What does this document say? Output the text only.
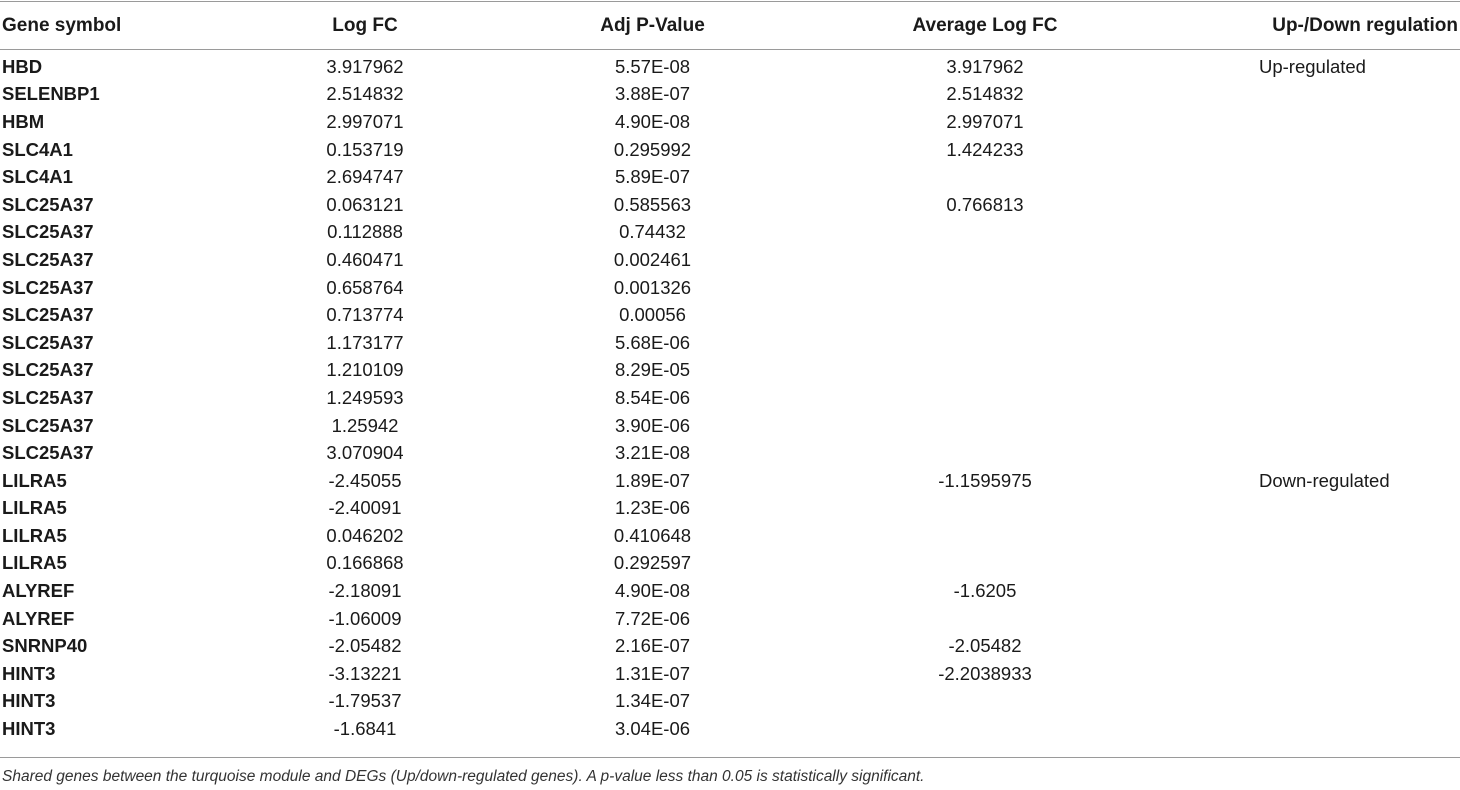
Gene symbol	Log FC	Adj P-Value	Average Log FC	Up-/Down regulation
HBD	3.917962	5.57E-08	3.917962	Up-regulated
SELENBP1	2.514832	3.88E-07	2.514832	
HBM	2.997071	4.90E-08	2.997071	
SLC4A1	0.153719	0.295992	1.424233	
SLC4A1	2.694747	5.89E-07		
SLC25A37	0.063121	0.585563	0.766813	
SLC25A37	0.112888	0.74432		
SLC25A37	0.460471	0.002461		
SLC25A37	0.658764	0.001326		
SLC25A37	0.713774	0.00056		
SLC25A37	1.173177	5.68E-06		
SLC25A37	1.210109	8.29E-05		
SLC25A37	1.249593	8.54E-06		
SLC25A37	1.25942	3.90E-06		
SLC25A37	3.070904	3.21E-08		
LILRA5	-2.45055	1.89E-07	-1.1595975	Down-regulated
LILRA5	-2.40091	1.23E-06		
LILRA5	0.046202	0.410648		
LILRA5	0.166868	0.292597		
ALYREF	-2.18091	4.90E-08	-1.6205	
ALYREF	-1.06009	7.72E-06		
SNRNP40	-2.05482	2.16E-07	-2.05482	
HINT3	-3.13221	1.31E-07	-2.2038933	
HINT3	-1.79537	1.34E-07		
HINT3	-1.6841	3.04E-06		
Shared genes between the turquoise module and DEGs (Up/down-regulated genes). A p-value less than 0.05 is statistically significant.
